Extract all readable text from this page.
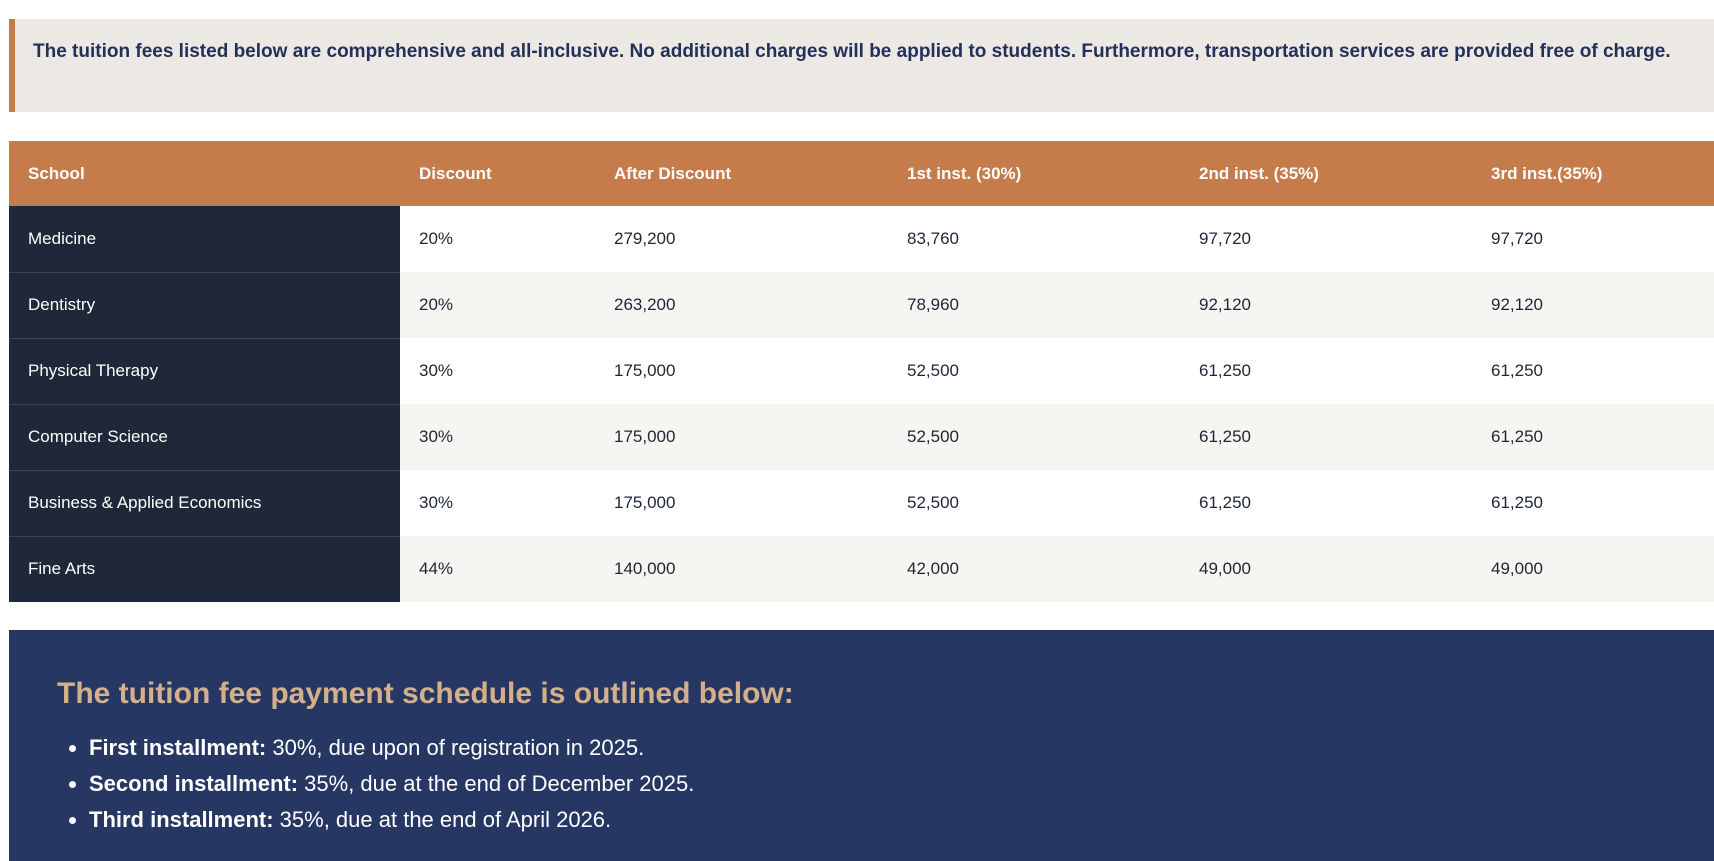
The tuition fees listed below are comprehensive and all-inclusive. No additional charges will be applied to students. Furthermore, transportation services are provided free of charge.
School	Discount	After Discount	1st inst. (30%)	2nd inst. (35%)	3rd inst.(35%)
Medicine	20%	279,200	83,760	97,720	97,720
Dentistry	20%	263,200	78,960	92,120	92,120
Physical Therapy	30%	175,000	52,500	61,250	61,250
Computer Science	30%	175,000	52,500	61,250	61,250
Business & Applied Economics	30%	175,000	52,500	61,250	61,250
Fine Arts	44%	140,000	42,000	49,000	49,000
The tuition fee payment schedule is outlined below:
• First installment: 30%, due upon of registration in 2025.
• Second installment: 35%, due at the end of December 2025.
• Third installment: 35%, due at the end of April 2026.
